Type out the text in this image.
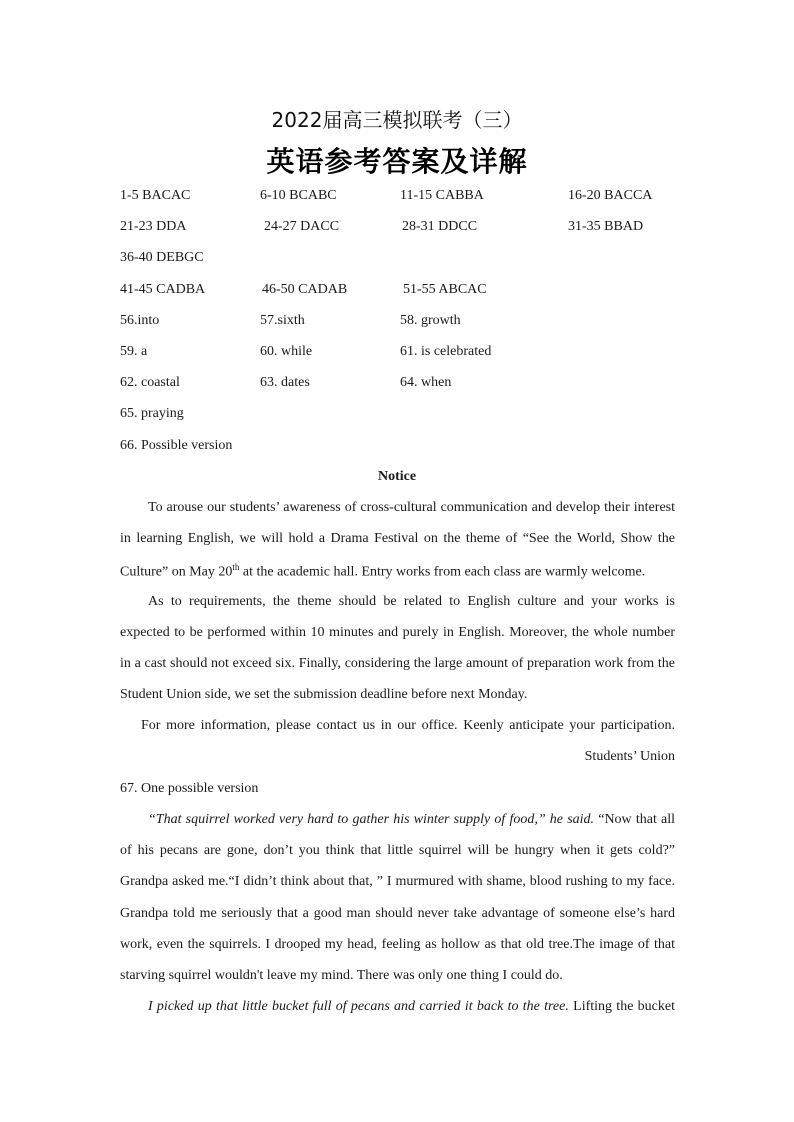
2022届高三模拟联考（三）
英语参考答案及详解
1-5 BACAC	6-10 BCABC	11-15 CABBA	16-20 BACCA
21-23 DDA	24-27 DACC	28-31 DDCC	31-35 BBAD
36-40 DEBGC
41-45 CADBA	46-50 CADAB	51-55 ABCAC
56.into	57.sixth	58. growth
59. a	60. while	61. is celebrated
62. coastal	63. dates	64. when
65. praying
66. Possible version
Notice
To arouse our students’ awareness of cross-cultural communication and develop their interest
in learning English, we will hold a Drama Festival on the theme of “See the World, Show the
Culture” on May 20th at the academic hall. Entry works from each class are warmly welcome.
As to requirements, the theme should be related to English culture and your works is
expected to be performed within 10 minutes and purely in English. Moreover, the whole number
in a cast should not exceed six. Finally, considering the large amount of preparation work from the
Student Union side, we set the submission deadline before next Monday.
For more information, please contact us in our office. Keenly anticipate your participation.
Students’ Union
67. One possible version
“That squirrel worked very hard to gather his winter supply of food,” he said. “Now that all
of his pecans are gone, don’t you think that little squirrel will be hungry when it gets cold?”
Grandpa asked me.“I didn’t think about that, ” I murmured with shame, blood rushing to my face.
Grandpa told me seriously that a good man should never take advantage of someone else’s hard
work, even the squirrels. I drooped my head, feeling as hollow as that old tree.The image of that
starving squirrel wouldn't leave my mind. There was only one thing I could do.
I picked up that little bucket full of pecans and carried it back to the tree. Lifting the bucket
